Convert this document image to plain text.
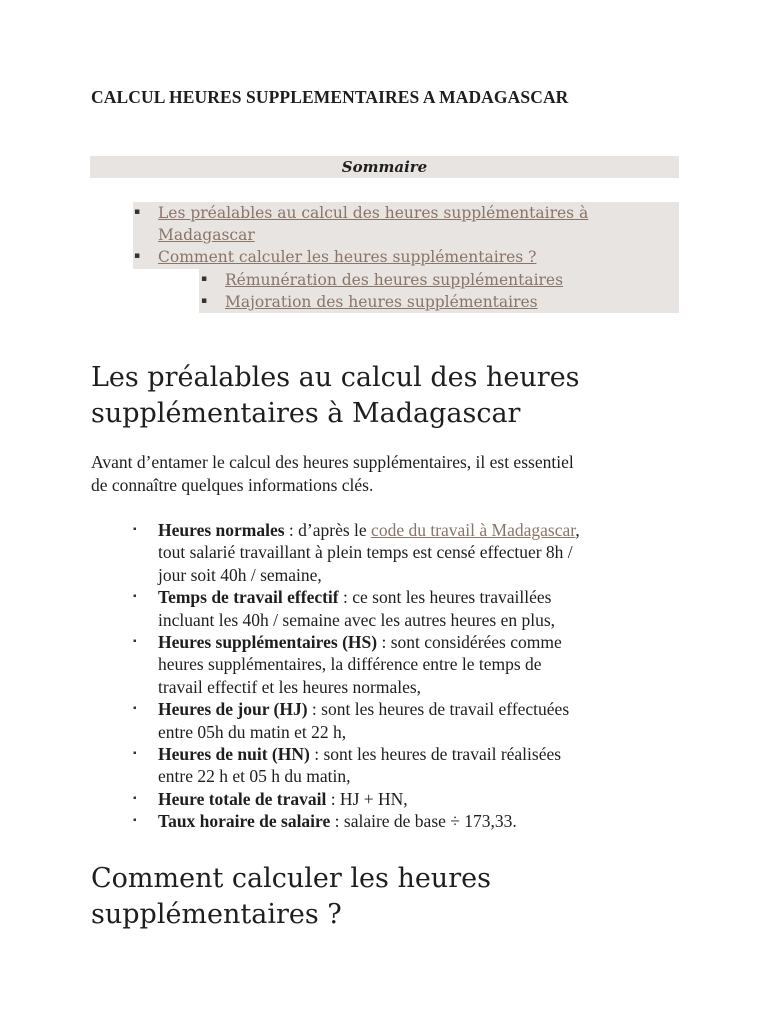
CALCUL HEURES SUPPLEMENTAIRES A MADAGASCAR
Sommaire
▪ Les préalables au calcul des heures supplémentaires à
Madagascar
▪ Comment calculer les heures supplémentaires ?
▪ Rémunération des heures supplémentaires
▪ Majoration des heures supplémentaires
Les préalables au calcul des heures
supplémentaires à Madagascar
Avant d’entamer le calcul des heures supplémentaires, il est essentiel
de connaître quelques informations clés.
▪ Heures normales : d’après le code du travail à Madagascar,
tout salarié travaillant à plein temps est censé effectuer 8h /
jour soit 40h / semaine,
▪ Temps de travail effectif : ce sont les heures travaillées
incluant les 40h / semaine avec les autres heures en plus,
▪ Heures supplémentaires (HS) : sont considérées comme
heures supplémentaires, la différence entre le temps de
travail effectif et les heures normales,
▪ Heures de jour (HJ) : sont les heures de travail effectuées
entre 05h du matin et 22 h,
▪ Heures de nuit (HN) : sont les heures de travail réalisées
entre 22 h et 05 h du matin,
▪ Heure totale de travail : HJ + HN,
▪ Taux horaire de salaire : salaire de base ÷ 173,33.
Comment calculer les heures
supplémentaires ?
